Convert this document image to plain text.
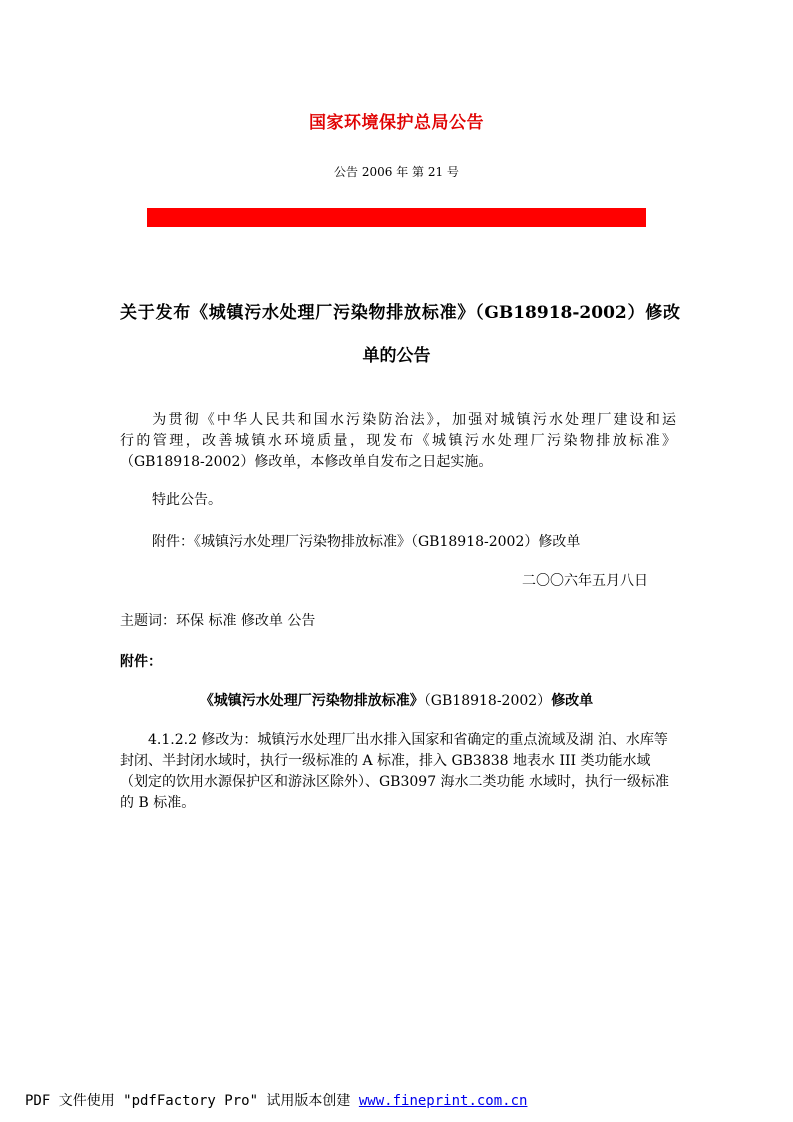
国家环境保护总局公告
公告 2006 年 第 21 号
关于发布《城镇污水处理厂污染物排放标准》（GB18918-2002）修改
单的公告
　　为贯彻《中华人民共和国水污染防治法》，加强对城镇污水处理厂建设和运
行的管理，改善城镇水环境质量，现发布《城镇污水处理厂污染物排放标准》
（GB18918-2002）修改单，本修改单自发布之日起实施。
特此公告。
附件：《城镇污水处理厂污染物排放标准》（GB18918-2002）修改单
二〇〇六年五月八日
主题词：环保 标准 修改单 公告
附件：
《城镇污水处理厂污染物排放标准》（GB18918-2002）修改单
　　4.1.2.2 修改为：城镇污水处理厂出水排入国家和省确定的重点流域及湖 泊、水库等封闭、半封闭水域时，执行一级标准的 A 标准，排入 GB3838 地表水 III 类功能水域（划定的饮用水源保护区和游泳区除外）、GB3097 海水二类功能 水域时，执行一级标准的 B 标准。
PDF 文件使用 "pdfFactory Pro" 试用版本创建 www.fineprint.com.cn
